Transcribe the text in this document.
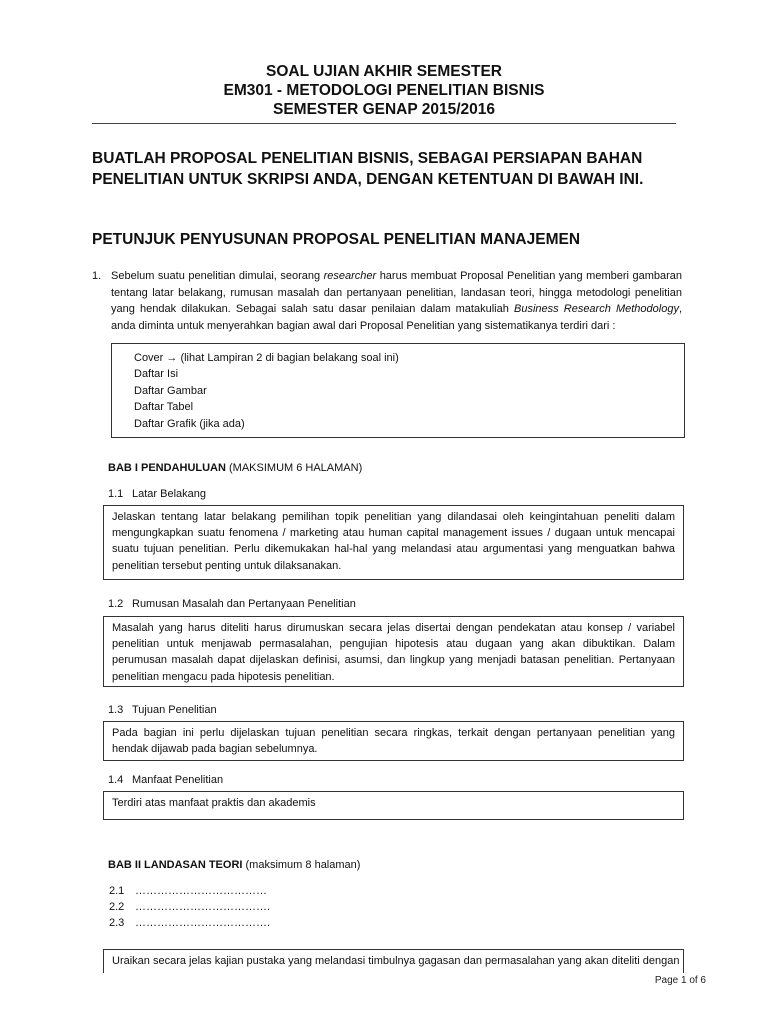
SOAL UJIAN AKHIR SEMESTER
EM301 - METODOLOGI PENELITIAN BISNIS
SEMESTER GENAP 2015/2016
BUATLAH PROPOSAL PENELITIAN BISNIS, SEBAGAI PERSIAPAN BAHAN
PENELITIAN UNTUK SKRIPSI ANDA, DENGAN KETENTUAN DI BAWAH INI.
PETUNJUK PENYUSUNAN PROPOSAL PENELITIAN MANAJEMEN
1. Sebelum suatu penelitian dimulai, seorang researcher harus membuat Proposal Penelitian yang memberi gambaran tentang latar belakang, rumusan masalah dan pertanyaan penelitian, landasan teori, hingga metodologi penelitian yang hendak dilakukan. Sebagai salah satu dasar penilaian dalam matakuliah Business Research Methodology, anda diminta untuk menyerahkan bagian awal dari Proposal Penelitian yang sistematikanya terdiri dari :
Cover → (lihat Lampiran 2 di bagian belakang soal ini)
Daftar Isi
Daftar Gambar
Daftar Tabel
Daftar Grafik (jika ada)
BAB I PENDAHULUAN (MAKSIMUM 6 HALAMAN)
1.1 Latar Belakang
Jelaskan tentang latar belakang pemilihan topik penelitian yang dilandasai oleh keingintahuan peneliti dalam mengungkapkan suatu fenomena / marketing atau human capital management issues / dugaan untuk mencapai suatu tujuan penelitian. Perlu dikemukakan hal-hal yang melandasi atau argumentasi yang menguatkan bahwa penelitian tersebut penting untuk dilaksanakan.
1.2 Rumusan Masalah dan Pertanyaan Penelitian
Masalah yang harus diteliti harus dirumuskan secara jelas disertai dengan pendekatan atau konsep / variabel penelitian untuk menjawab permasalahan, pengujian hipotesis atau dugaan yang akan dibuktikan. Dalam perumusan masalah dapat dijelaskan definisi, asumsi, dan lingkup yang menjadi batasan penelitian. Pertanyaan penelitian mengacu pada hipotesis penelitian.
1.3 Tujuan Penelitian
Pada bagian ini perlu dijelaskan tujuan penelitian secara ringkas, terkait dengan pertanyaan penelitian yang hendak dijawab pada bagian sebelumnya.
1.4 Manfaat Penelitian
Terdiri atas manfaat praktis dan akademis
BAB II LANDASAN TEORI (maksimum 8 halaman)
2.1 ………………………………
2.2 ……………………………….
2.3 ……………………………….
Uraikan secara jelas kajian pustaka yang melandasi timbulnya gagasan dan permasalahan yang akan diteliti dengan
Page 1 of 6
